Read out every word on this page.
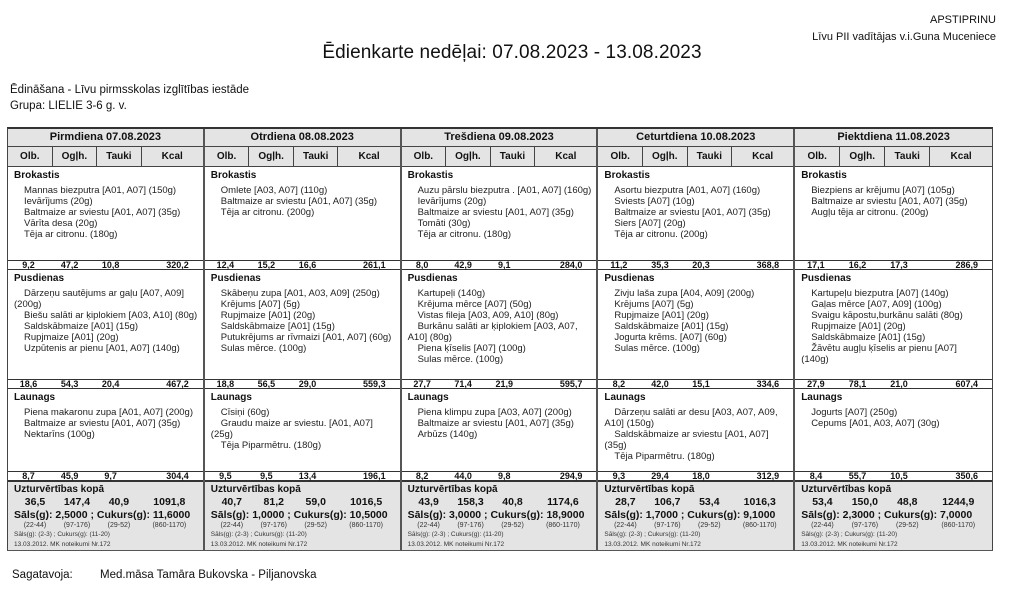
APSTIPRINU
Līvu PII vadītājas v.i.Guna Muceniece
Ēdienkarte nedēļai: 07.08.2023 - 13.08.2023
Ēdināšana - Līvu pirmsskolas izglītības iestāde
Grupa: LIELIE 3-6 g. v.
Pirmdiena 07.08.2023
Olb.	Ogļh.	Tauki	Kcal
Brokastis
Mannas biezputra [A01, A07] (150g)
Ievārījums (20g)
Baltmaize ar sviestu [A01, A07] (35g)
Vārīta desa (20g)
Tēja ar citronu. (180g)
9,2	47,2	10,8	320,2
Pusdienas
Dārzeņu sautējums ar gaļu [A07, A09] (200g)
Biešu salāti ar ķiplokiem [A03, A10] (80g)
Saldskābmaize [A01] (15g)
Rupjmaize [A01] (20g)
Uzpūtenis ar pienu [A01, A07] (140g)
18,6	54,3	20,4	467,2
Launags
Piena makaronu zupa [A01, A07] (200g)
Baltmaize ar sviestu [A01, A07] (35g)
Nektarīns (100g)
8,7	45,9	9,7	304,4
Uzturvērtības kopā
36,5	147,4	40,9	1091,8
Sāls(g): 2,5000 ; Cukurs(g): 11,6000
(22-44)	(97-176)	(29-52)	(860-1170)
Sāls(g): (2-3) ; Cukurs(g): (11-20)
13.03.2012. MK noteikumi Nr.172
Otrdiena 08.08.2023
Olb.	Ogļh.	Tauki	Kcal
Brokastis
Omlete [A03, A07] (110g)
Baltmaize ar sviestu [A01, A07] (35g)
Tēja ar citronu. (200g)
12,4	15,2	16,6	261,1
Pusdienas
Skābeņu zupa [A01, A03, A09] (250g)
Krējums [A07] (5g)
Rupjmaize [A01] (20g)
Saldskābmaize [A01] (15g)
Putukrējums ar rīvmaizi [A01, A07] (60g)
Sulas mērce. (100g)
18,8	56,5	29,0	559,3
Launags
Cīsiņi (60g)
Graudu maize ar sviestu. [A01, A07] (25g)
Tēja Piparmētru. (180g)
9,5	9,5	13,4	196,1
Uzturvērtības kopā
40,7	81,2	59,0	1016,5
Sāls(g): 1,0000 ; Cukurs(g): 10,5000
(22-44)	(97-176)	(29-52)	(860-1170)
Sāls(g): (2-3) ; Cukurs(g): (11-20)
13.03.2012. MK noteikumi Nr.172
Trešdiena 09.08.2023
Olb.	Ogļh.	Tauki	Kcal
Brokastis
Auzu pārslu biezputra . [A01, A07] (160g)
Ievārījums (20g)
Baltmaize ar sviestu [A01, A07] (35g)
Tomāti (30g)
Tēja ar citronu. (180g)
8,0	42,9	9,1	284,0
Pusdienas
Kartupeļi (140g)
Krējuma mērce [A07] (50g)
Vistas fileja [A03, A09, A10] (80g)
Burkānu salāti ar ķiplokiem [A03, A07, A10] (80g)
Piena ķīselis [A07] (100g)
Sulas mērce. (100g)
27,7	71,4	21,9	595,7
Launags
Piena klimpu zupa [A03, A07] (200g)
Baltmaize ar sviestu [A01, A07] (35g)
Arbūzs (140g)
8,2	44,0	9,8	294,9
Uzturvērtības kopā
43,9	158,3	40,8	1174,6
Sāls(g): 3,0000 ; Cukurs(g): 18,9000
(22-44)	(97-176)	(29-52)	(860-1170)
Sāls(g): (2-3) ; Cukurs(g): (11-20)
13.03.2012. MK noteikumi Nr.172
Ceturtdiena 10.08.2023
Olb.	Ogļh.	Tauki	Kcal
Brokastis
Asortu biezputra [A01, A07] (160g)
Sviests [A07] (10g)
Baltmaize ar sviestu [A01, A07] (35g)
Siers [A07] (20g)
Tēja ar citronu. (200g)
11,2	35,3	20,3	368,8
Pusdienas
Zivju laša zupa [A04, A09] (200g)
Krējums [A07] (5g)
Rupjmaize [A01] (20g)
Saldskābmaize [A01] (15g)
Jogurta krēms. [A07] (60g)
Sulas mērce. (100g)
8,2	42,0	15,1	334,6
Launags
Dārzeņu salāti ar desu [A03, A07, A09, A10] (150g)
Saldskābmaize ar sviestu [A01, A07] (35g)
Tēja Piparmētru. (180g)
9,3	29,4	18,0	312,9
Uzturvērtības kopā
28,7	106,7	53,4	1016,3
Sāls(g): 1,7000 ; Cukurs(g): 9,1000
(22-44)	(97-176)	(29-52)	(860-1170)
Sāls(g): (2-3) ; Cukurs(g): (11-20)
13.03.2012. MK noteikumi Nr.172
Piektdiena 11.08.2023
Olb.	Ogļh.	Tauki	Kcal
Brokastis
Biezpiens ar krējumu [A07] (105g)
Baltmaize ar sviestu [A01, A07] (35g)
Augļu tēja ar citronu. (200g)
17,1	16,2	17,3	286,9
Pusdienas
Kartupeļu biezputra [A07] (140g)
Gaļas mērce [A07, A09] (100g)
Svaigu kāpostu,burkānu salāti (80g)
Rupjmaize [A01] (20g)
Saldskābmaize [A01] (15g)
Žāvētu augļu ķīselis ar pienu [A07] (140g)
27,9	78,1	21,0	607,4
Launags
Jogurts [A07] (250g)
Cepums [A01, A03, A07] (30g)
8,4	55,7	10,5	350,6
Uzturvērtības kopā
53,4	150,0	48,8	1244,9
Sāls(g): 2,3000 ; Cukurs(g): 7,0000
(22-44)	(97-176)	(29-52)	(860-1170)
Sāls(g): (2-3) ; Cukurs(g): (11-20)
13.03.2012. MK noteikumi Nr.172
Sagatavoja:	Med.māsa Tamāra Bukovska - Piljanovska
